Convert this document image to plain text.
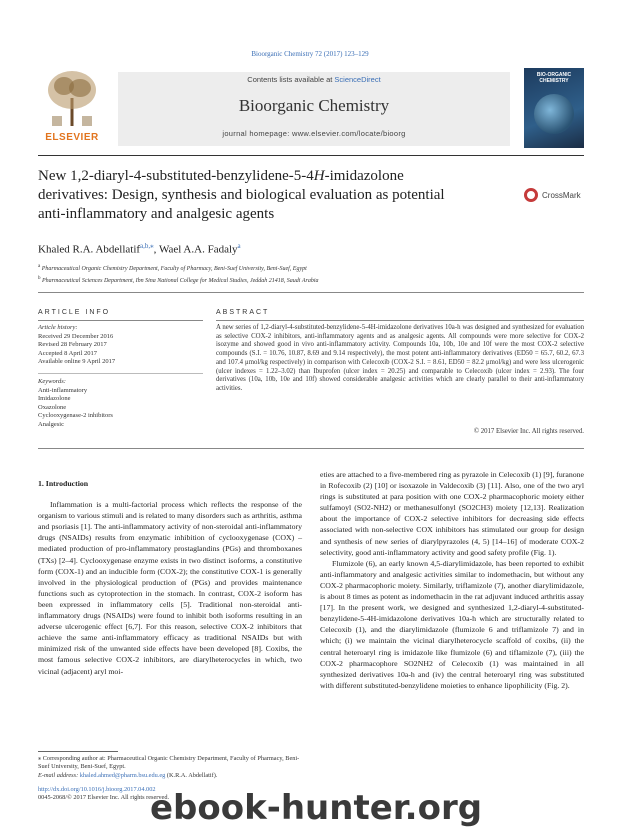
Bioorganic Chemistry 72 (2017) 123–129
ELSEVIER
Contents lists available at ScienceDirect
Bioorganic Chemistry
journal homepage: www.elsevier.com/locate/bioorg
BIO-ORGANIC CHEMISTRY
New 1,2-diaryl-4-substituted-benzylidene-5-4H-imidazolone
derivatives: Design, synthesis and biological evaluation as potential
anti-inflammatory and analgesic agents
CrossMark
Khaled R.A. Abdellatif$^{a,b,⁎}$, Wael A.A. Fadaly$^a$
$^a$ Pharmaceutical Organic Chemistry Department, Faculty of Pharmacy, Beni-Suef University, Beni-Suef, Egypt
$^b$ Pharmaceutical Sciences Department, Ibn Sina National College for Medical Studies, Jeddah 21418, Saudi Arabia
ARTICLE INFO	ABSTRACT
Article history:
Received 29 December 2016
Revised 28 February 2017
Accepted 8 April 2017
Available online 9 April 2017
Keywords:
Anti-inflammatory
Imidazolone
Oxazolone
Cyclooxygenase-2 inhibitors
Analgesic
A new series of 1,2-diaryl-4-substituted-benzylidene-5-4H-imidazolone derivatives 10a-h was designed and synthesized for evaluation as selective COX-2 inhibitors, anti-inflammatory agents and as analgesic agents. All compounds were more selective for COX-2 isozyme and showed good in vivo anti-inflammatory activity. Compounds 10a, 10b, 10e and 10f were the most COX-2 selective compounds (S.I. = 10.76, 10.87, 8.69 and 9.14 respectively), the most potent anti-inflammatory derivatives (ED50 = 65.7, 60.2, 67.3 and 107.4 μmol/kg respectively) in comparison with Celecoxib (COX-2 S.I. = 8.61, ED50 = 82.2 μmol/kg) and were less ulcerogenic (ulcer indexes = 1.22–3.02) than Ibuprofen (ulcer index = 20.25) and comparable to Celecoxib (ulcer index = 2.93). The four derivatives (10a, 10b, 10e and 10f) showed considerable analgesic activities which are clearly parallel to their anti-inflammatory activities.
© 2017 Elsevier Inc. All rights reserved.
1. Introduction

Inflammation is a multi-factorial process which reflects the response of the organism to various stimuli and is related to many disorders such as arthritis, asthma and psoriasis [1]. The anti-inflammatory activity of non-steroidal anti-inflammatory drugs (NSAIDs) results from enzymatic inhibition of cyclooxygenase (COX) – mediated production of pro-inflammatory prostaglandins (PGs) and thromboxanes (TXs) [2–4]. Cyclooxygenase enzyme exists in two distinct isoforms, a constitutive form (COX-1) and an inducible form (COX-2); the constitutive COX-1 is generally involved in the physiological production of (PGs) and provides maintenance functions such as cytoprotection in the stomach. In contrast, COX-2 isoform has been expressed in inflammatory cells [5]. Traditional non-steroidal anti-inflammatory drugs (NSAIDs) were found to inhibit both isoforms resulting in an adverse ulcerogenic effect [6,7]. For this reason, selective COX-2 inhibitors that achieve the same anti-inflammatory efficacy as traditional NSAIDs but with minimized risk of the unwanted side effects have been developed [8]. Coxibs, the most famous selective COX-2 inhibitors, are diarylheterocycles in which, two vicinal (adjacent) aryl moi-

eties are attached to a five-membered ring as pyrazole in Celecoxib (1) [9], furanone in Rofecoxib (2) [10] or isoxazole in Valdecoxib (3) [11]. Also, one of the two aryl rings is substituted at para position with one COX-2 pharmacophoric moiety either sulfamoyl (SO2-NH2) or methanesulfonyl (SO2CH3) moiety [12,13]. Realization about the importance of COX-2 selective inhibitors for decreasing side effects associated with non-selective COX inhibitors has stimulated our group for design and synthesis of new series of diarylpyrazoles (4, 5) [14–16] of moderate COX-2 selectivity, good anti-inflammatory activity and good safety profile (Fig. 1).

Flumizole (6), an early known 4,5-diarylimidazole, has been reported to exhibit anti-inflammatory and analgesic activities similar to indomethacin, but without any COX-2 pharmacophoric moiety. Similarly, triflamizole (7), another diarylimidazole, is about 8 times as potent as indomethacin in the rat adjuvant induced arthritis assay [17]. In the present work, we designed and synthesized 1,2-diaryl-4-substituted-benzylidene-5-4H-imidazolone derivatives 10a-h which are structurally related to Celecoxib (1), and the diarylimidazole (flumizole 6 and triflamizole 7) and in which; (i) we maintain the vicinal diarylheterocycle scaffold of coxibs, (ii) the central heteroaryl ring is imidazole like flumizole (6) and tiflamizole (7), (iii) the COX-2 pharmacophore SO2NH2 of Celecoxib (1) was maintained in all synthesized derivatives 10a-h and (iv) the central heteroaryl ring was substituted with different substituted-benzylidene moieties to enhance lipophilicity (Fig. 2).

⁎ Corresponding author at: Pharmaceutical Organic Chemistry Department, Faculty of Pharmacy, Beni-Suef University, Beni-Suef, Egypt.
E-mail address: khaled.ahmed@pharm.bsu.edu.eg (K.R.A. Abdellatif).
http://dx.doi.org/10.1016/j.bioorg.2017.04.002
0045-2068/© 2017 Elsevier Inc. All rights reserved.
ebook-hunter.org
